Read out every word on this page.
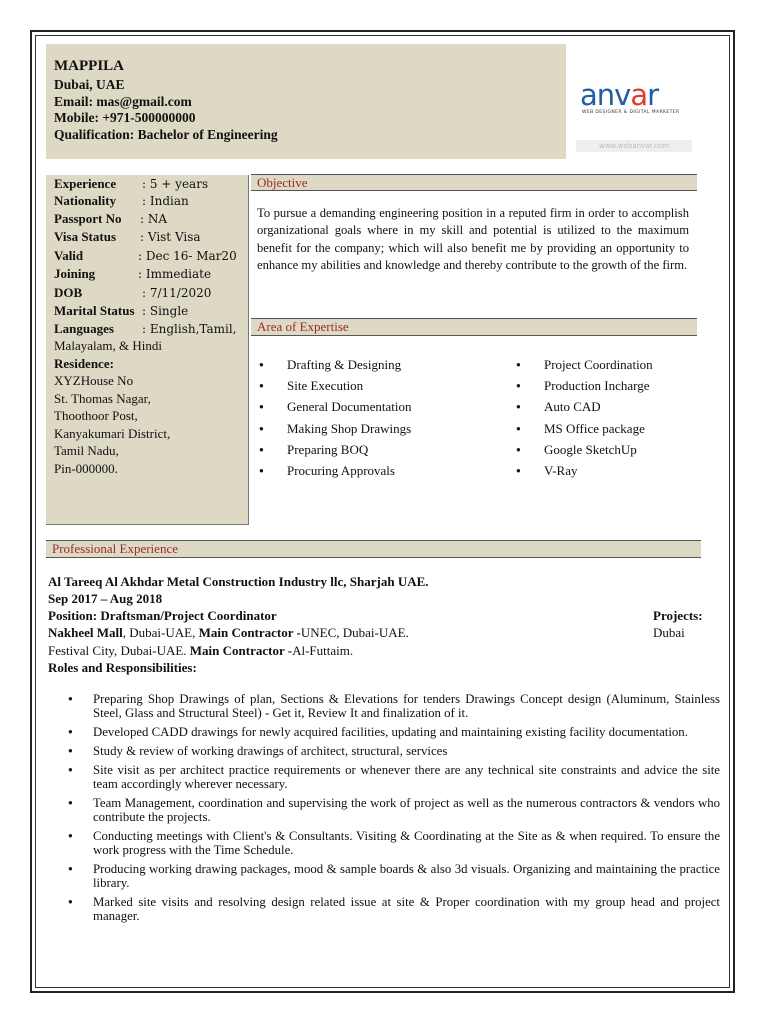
MAPPILA
Dubai, UAE
Email: mas@gmail.com
Mobile: +971-500000000
Qualification: Bachelor of Engineering
anvar
WEB DESIGNER & DIGITAL MARKETER
www.webanvar.com
Experience : 5 + years
Nationality : Indian
Passport No : NA
Visa Status : Vist Visa
Valid	: Dec 16- Mar20
Joining	: Immediate
DOB	: 7/11/2020
Marital Status : Single
Languages : English,Tamil,
Malayalam, & Hindi
Residence:
XYZHouse No
St. Thomas Nagar,
Thoothoor Post,
Kanyakumari District,
Tamil Nadu,
Pin-000000.
Objective
To pursue a demanding engineering position in a reputed firm in order to accomplish organizational goals where in my skill and potential is utilized to the maximum benefit for the company; which will also benefit me by providing an opportunity to enhance my abilities and knowledge and thereby contribute to the growth of the firm.
Area of Expertise
● Drafting & Designing
● Site Execution
● General Documentation
● Making Shop Drawings
● Preparing BOQ
● Procuring Approvals
● Project Coordination
● Production Incharge
● Auto CAD
● MS Office package
● Google SketchUp
● V-Ray
Professional Experience
Al Tareeq Al Akhdar Metal Construction Industry llc, Sharjah UAE.
Sep 2017 – Aug 2018
Position: Draftsman/Project Coordinator	Projects:
Nakheel Mall, Dubai-UAE, Main Contractor -UNEC, Dubai-UAE.	Dubai
Festival City, Dubai-UAE. Main Contractor -Al-Futtaim.
Roles and Responsibilities:
● Preparing Shop Drawings of plan, Sections & Elevations for tenders Drawings Concept design (Aluminum, Stainless Steel, Glass and Structural Steel) - Get it, Review It and finalization of it.
● Developed CADD drawings for newly acquired facilities, updating and maintaining existing facility documentation.
● Study & review of working drawings of architect, structural, services
● Site visit as per architect practice requirements or whenever there are any technical site constraints and advice the site team accordingly wherever necessary.
● Team Management, coordination and supervising the work of project as well as the numerous contractors & vendors who contribute the projects.
● Conducting meetings with Client's & Consultants. Visiting & Coordinating at the Site as & when required. To ensure the work progress with the Time Schedule.
● Producing working drawing packages, mood & sample boards & also 3d visuals. Organizing and maintaining the practice library.
● Marked site visits and resolving design related issue at site & Proper coordination with my group head and project manager.
